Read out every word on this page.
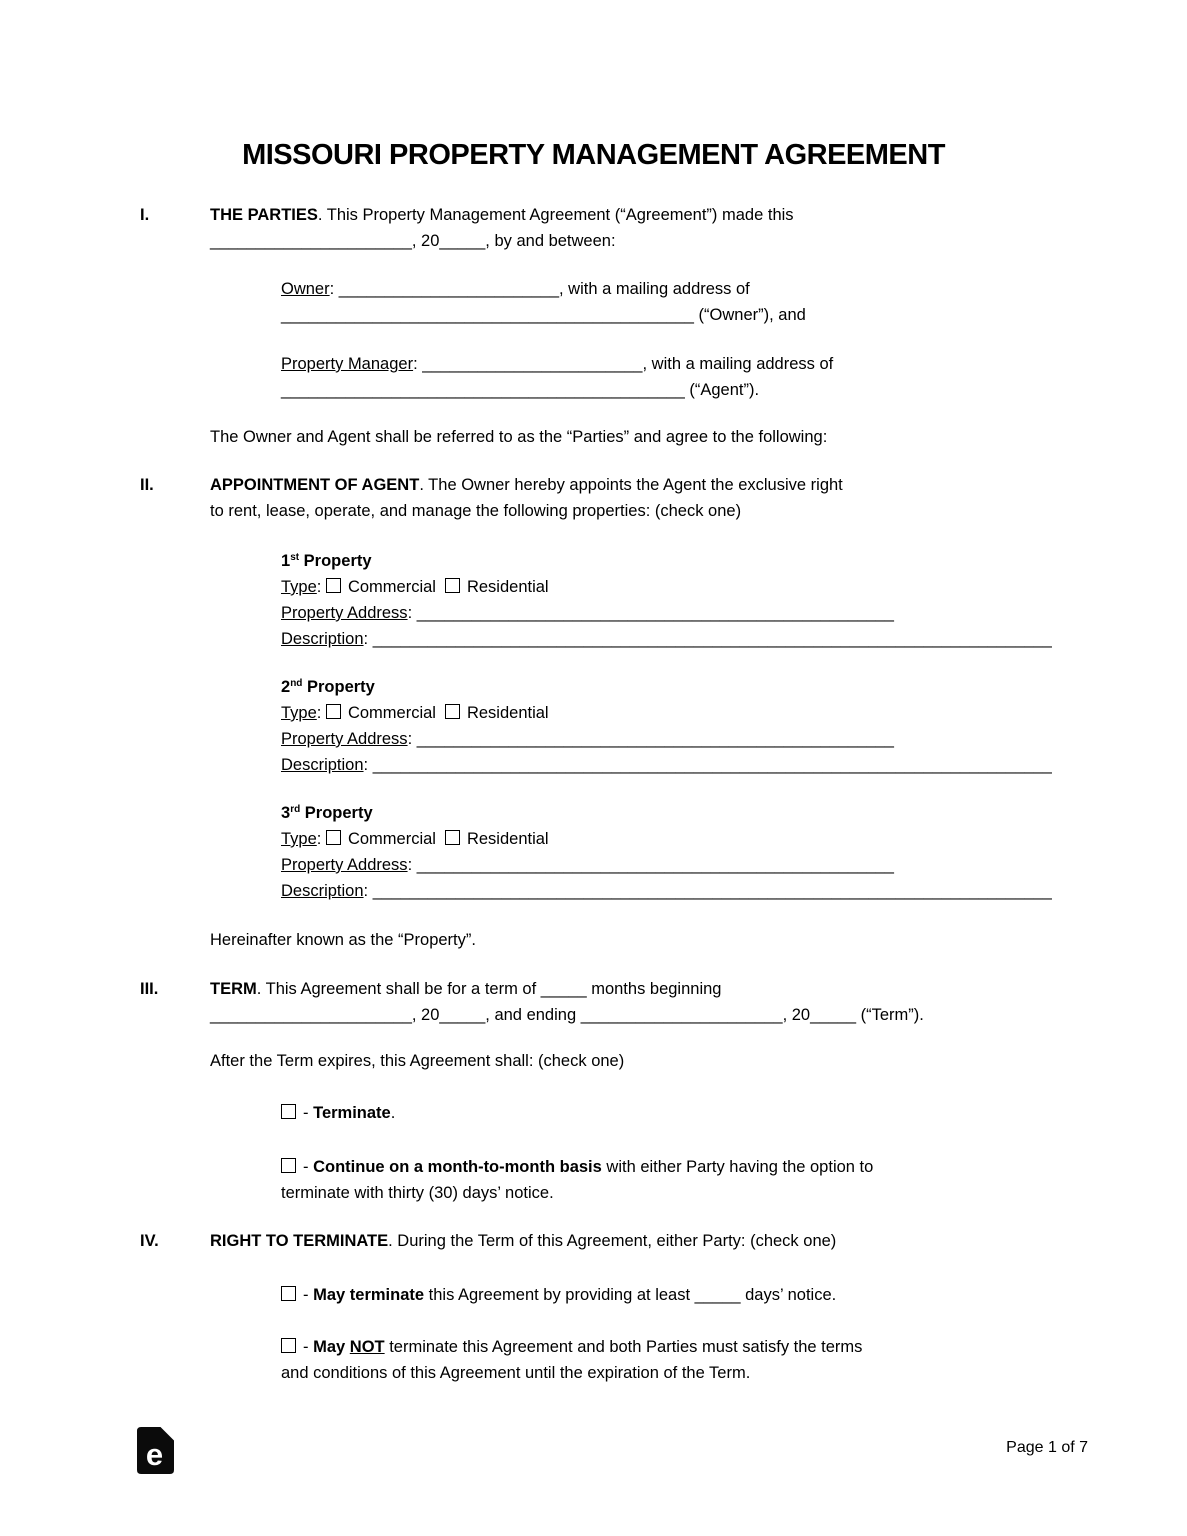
MISSOURI PROPERTY MANAGEMENT AGREEMENT
I.	THE PARTIES. This Property Management Agreement (“Agreement”) made this
______________________, 20_____, by and between:
Owner: ________________________, with a mailing address of
_____________________________________________ (“Owner”), and
Property Manager: ________________________, with a mailing address of
____________________________________________ (“Agent”).
The Owner and Agent shall be referred to as the “Parties” and agree to the following:
II.	APPOINTMENT OF AGENT. The Owner hereby appoints the Agent the exclusive right
to rent, lease, operate, and manage the following properties: (check one)
1st Property
Type: Commercial Residential
Property Address: ____________________________________________________
Description: __________________________________________________________________________
2nd Property
Type: Commercial Residential
Property Address: ____________________________________________________
Description: __________________________________________________________________________
3rd Property
Type: Commercial Residential
Property Address: ____________________________________________________
Description: __________________________________________________________________________
Hereinafter known as the “Property”.
III.	TERM. This Agreement shall be for a term of _____ months beginning
______________________, 20_____, and ending ______________________, 20_____ (“Term”).
After the Term expires, this Agreement shall: (check one)
- Terminate.
- Continue on a month-to-month basis with either Party having the option to
terminate with thirty (30) days’ notice.
IV.	RIGHT TO TERMINATE. During the Term of this Agreement, either Party: (check one)
- May terminate this Agreement by providing at least _____ days’ notice.
- May NOT terminate this Agreement and both Parties must satisfy the terms
and conditions of this Agreement until the expiration of the Term.
e	Page 1 of 7
